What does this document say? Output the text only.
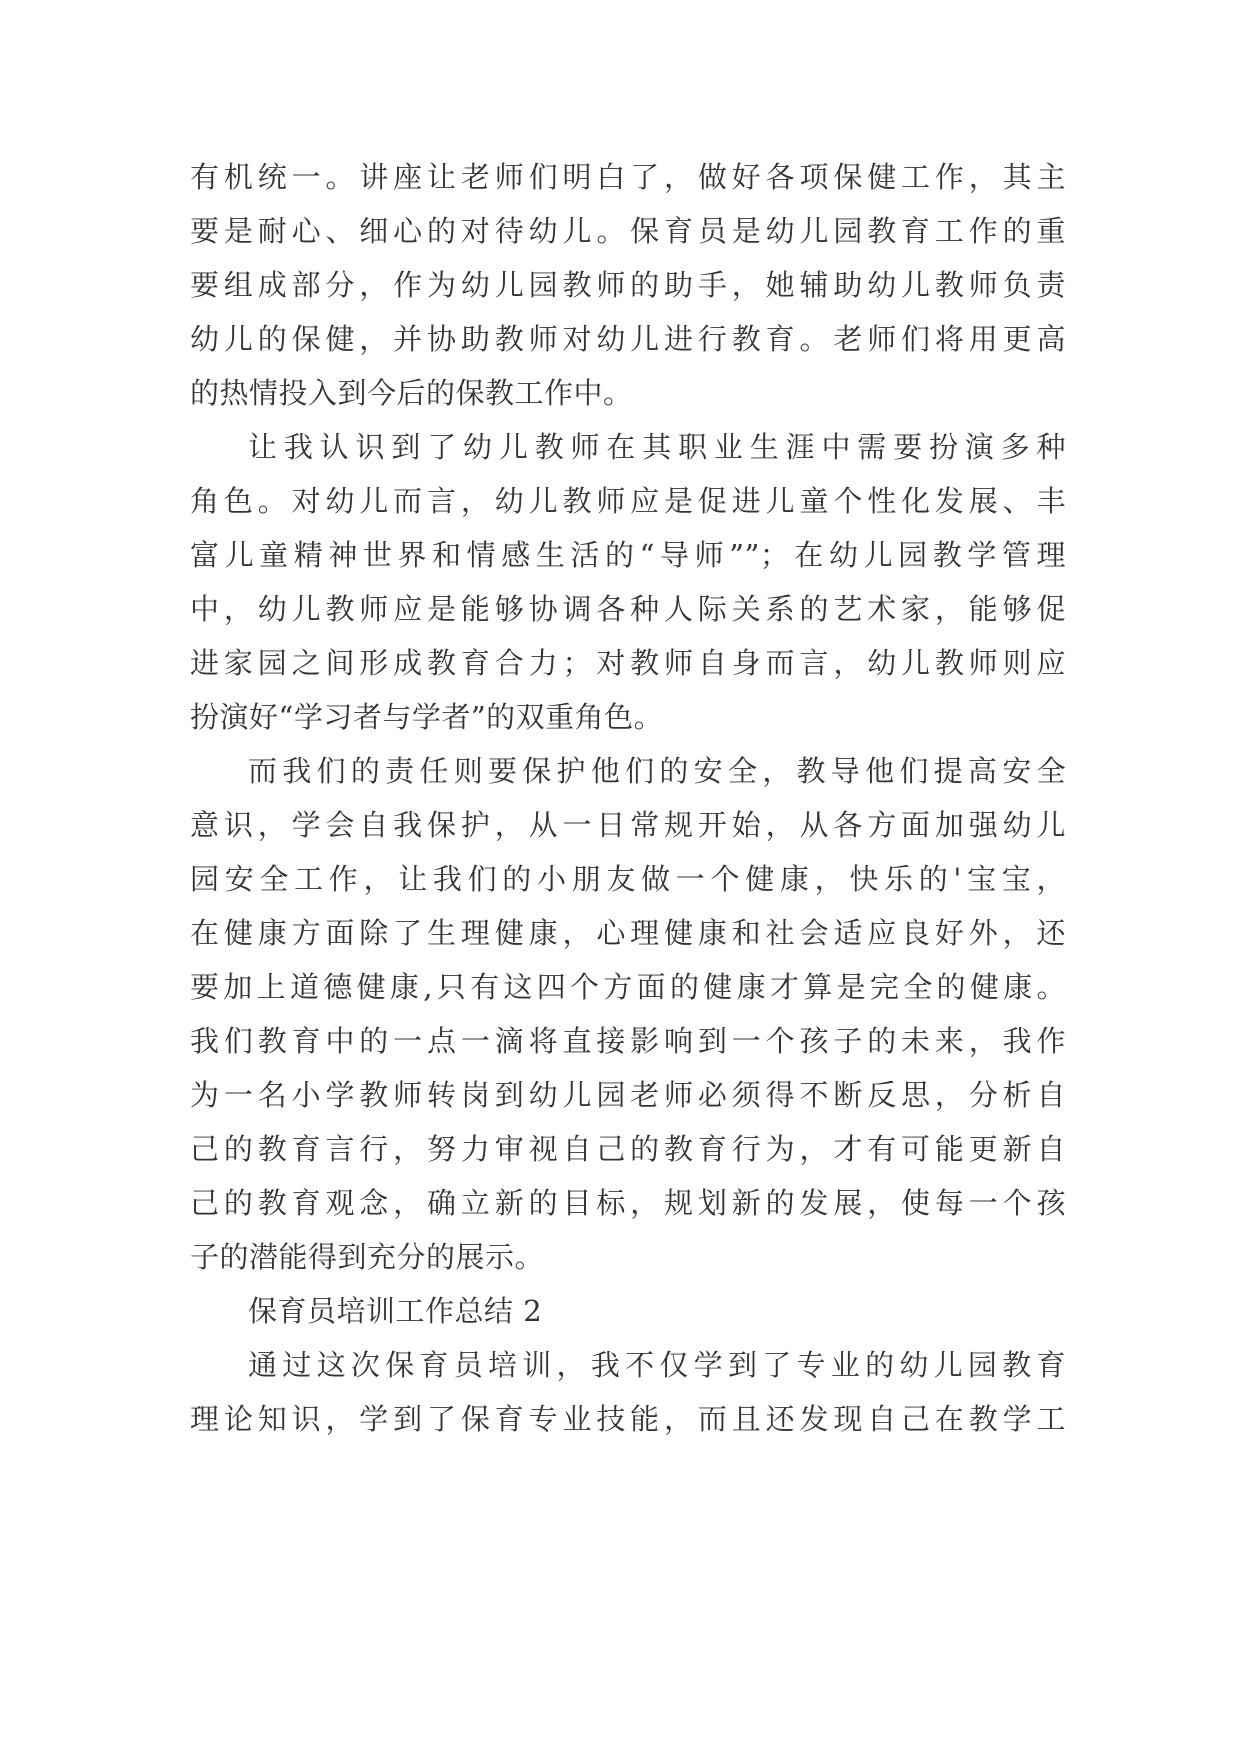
有机统一。讲座让老师们明白了，做好各项保健工作，其主
要是耐心、细心的对待幼儿。保育员是幼儿园教育工作的重
要组成部分，作为幼儿园教师的助手，她辅助幼儿教师负责
幼儿的保健，并协助教师对幼儿进行教育。老师们将用更高
的热情投入到今后的保教工作中。
让我认识到了幼儿教师在其职业生涯中需要扮演多种
角色。对幼儿而言，幼儿教师应是促进儿童个性化发展、丰
富儿童精神世界和情感生活的“导师””；在幼儿园教学管理
中，幼儿教师应是能够协调各种人际关系的艺术家，能够促
进家园之间形成教育合力；对教师自身而言，幼儿教师则应
扮演好“学习者与学者”的双重角色。
而我们的责任则要保护他们的安全，教导他们提高安全
意识，学会自我保护，从一日常规开始，从各方面加强幼儿
园安全工作，让我们的小朋友做一个健康，快乐的'宝宝，
在健康方面除了生理健康，心理健康和社会适应良好外，还
要加上道德健康,只有这四个方面的健康才算是完全的健康。
我们教育中的一点一滴将直接影响到一个孩子的未来，我作
为一名小学教师转岗到幼儿园老师必须得不断反思，分析自
己的教育言行，努力审视自己的教育行为，才有可能更新自
己的教育观念，确立新的目标，规划新的发展，使每一个孩
子的潜能得到充分的展示。
保育员培训工作总结 2
通过这次保育员培训，我不仅学到了专业的幼儿园教育
理论知识，学到了保育专业技能，而且还发现自己在教学工
